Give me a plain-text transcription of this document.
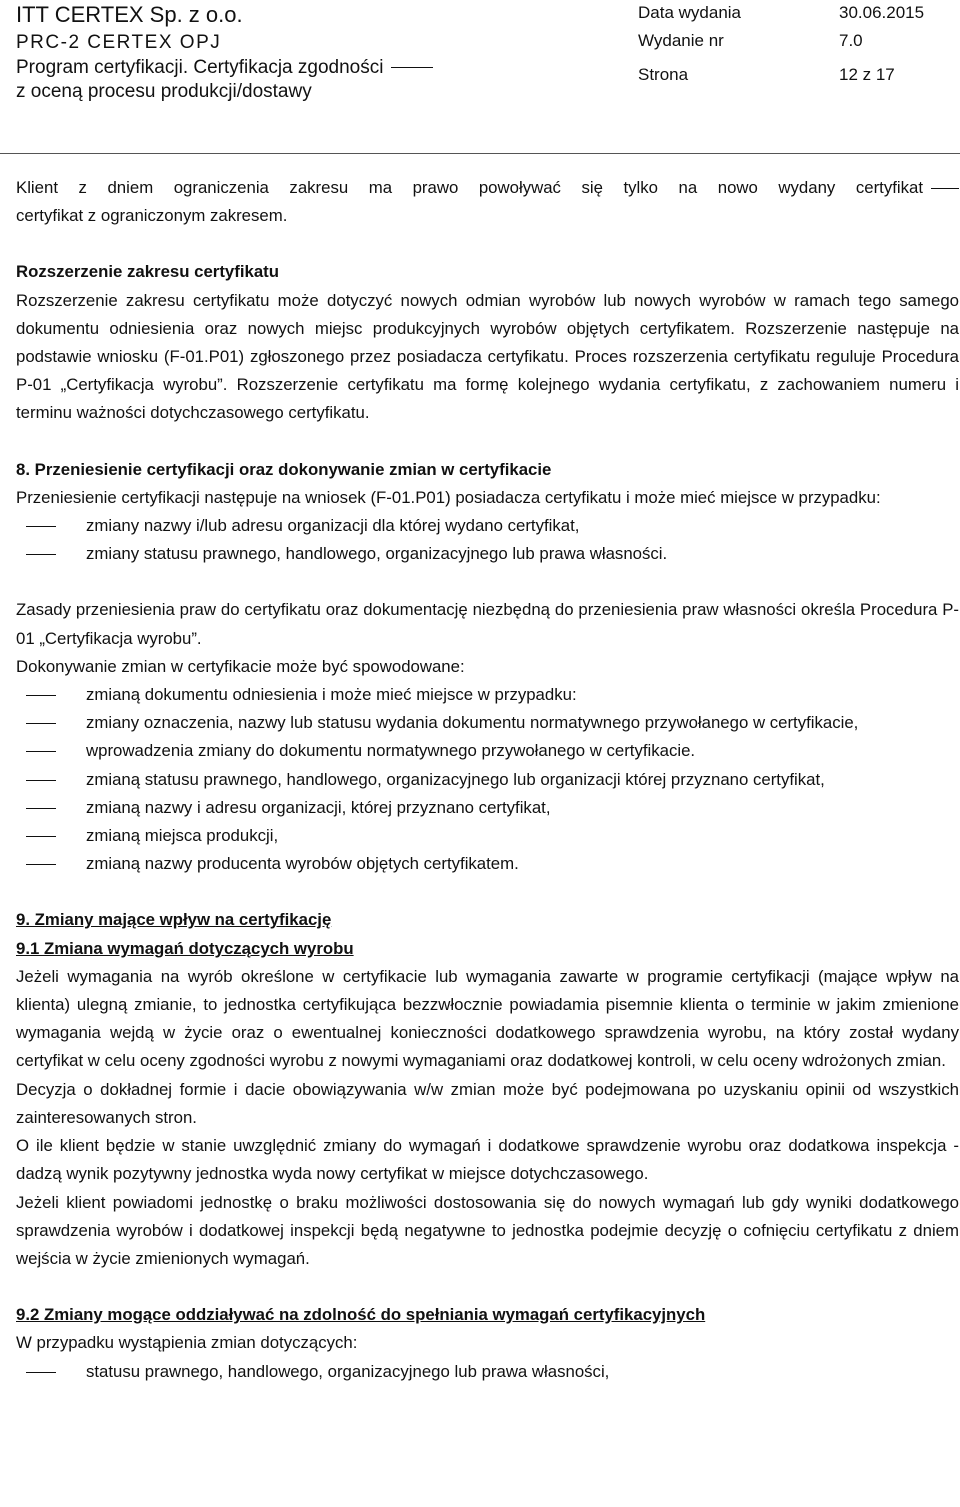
ITT CERTEX Sp. z o.o.
PRC-2 CERTEX OPJ
Program certyfikacji. Certyfikacja zgodności
z oceną procesu produkcji/dostawy
Data wydania	30.06.2015
Wydanie nr	7.0
Strona	12 z 17

Klient z dniem ograniczenia zakresu ma prawo powoływać się tylko na nowo wydany certyfikat

certyfikat z ograniczonym zakresem.

Rozszerzenie zakresu certyfikatu

Rozszerzenie zakresu certyfikatu może dotyczyć nowych odmian wyrobów lub nowych wyrobów w ramach tego samego dokumentu odniesienia oraz nowych miejsc produkcyjnych wyrobów objętych certyfikatem. Rozszerzenie następuje na podstawie wniosku (F-01.P01) zgłoszonego przez posiadacza certyfikatu. Proces rozszerzenia certyfikatu reguluje Procedura P-01 „Certyfikacja wyrobu”. Rozszerzenie certyfikatu ma formę kolejnego wydania certyfikatu, z zachowaniem numeru i terminu ważności dotychczasowego certyfikatu.

8. Przeniesienie certyfikacji oraz dokonywanie zmian w certyfikacie

Przeniesienie certyfikacji następuje na wniosek (F-01.P01) posiadacza certyfikatu i może mieć miejsce w przypadku:

zmiany nazwy i/lub adresu organizacji dla której wydano certyfikat,
zmiany statusu prawnego, handlowego, organizacyjnego lub prawa własności.

Zasady przeniesienia praw do certyfikatu oraz dokumentację niezbędną do przeniesienia praw własności określa Procedura P-01 „Certyfikacja wyrobu”.

Dokonywanie zmian w certyfikacie może być spowodowane:

zmianą dokumentu odniesienia i może mieć miejsce w przypadku:
zmiany oznaczenia, nazwy lub statusu wydania dokumentu normatywnego przywołanego w certyfikacie,
wprowadzenia zmiany do dokumentu normatywnego przywołanego w certyfikacie.
zmianą statusu prawnego, handlowego, organizacyjnego lub organizacji której przyznano certyfikat,
zmianą nazwy i adresu organizacji, której przyznano certyfikat,
zmianą miejsca produkcji,
zmianą nazwy producenta wyrobów objętych certyfikatem.

9. Zmiany mające wpływ na certyfikację

9.1 Zmiana wymagań dotyczących wyrobu

Jeżeli wymagania na wyrób określone w certyfikacie lub wymagania zawarte w programie certyfikacji (mające wpływ na klienta) ulegną zmianie, to jednostka certyfikująca bezzwłocznie powiadamia pisemnie klienta o terminie w jakim zmienione wymagania wejdą w życie oraz o ewentualnej konieczności dodatkowego sprawdzenia wyrobu, na który został wydany certyfikat w celu oceny zgodności wyrobu z nowymi wymaganiami oraz dodatkowej kontroli, w celu oceny wdrożonych zmian.

Decyzja o dokładnej formie i dacie obowiązywania w/w zmian może być podejmowana po uzyskaniu opinii od wszystkich zainteresowanych stron.

O ile klient będzie w stanie uwzględnić zmiany do wymagań i dodatkowe sprawdzenie wyrobu oraz dodatkowa inspekcja - dadzą wynik pozytywny jednostka wyda nowy certyfikat w miejsce dotychczasowego.

Jeżeli klient powiadomi jednostkę o braku możliwości dostosowania się do nowych wymagań lub gdy wyniki dodatkowego sprawdzenia wyrobów i dodatkowej inspekcji będą negatywne to jednostka podejmie decyzję o cofnięciu certyfikatu z dniem wejścia w życie zmienionych wymagań.

9.2 Zmiany mogące oddziaływać na zdolność do spełniania wymagań certyfikacyjnych

W przypadku wystąpienia zmian dotyczących:

statusu prawnego, handlowego, organizacyjnego lub prawa własności,
